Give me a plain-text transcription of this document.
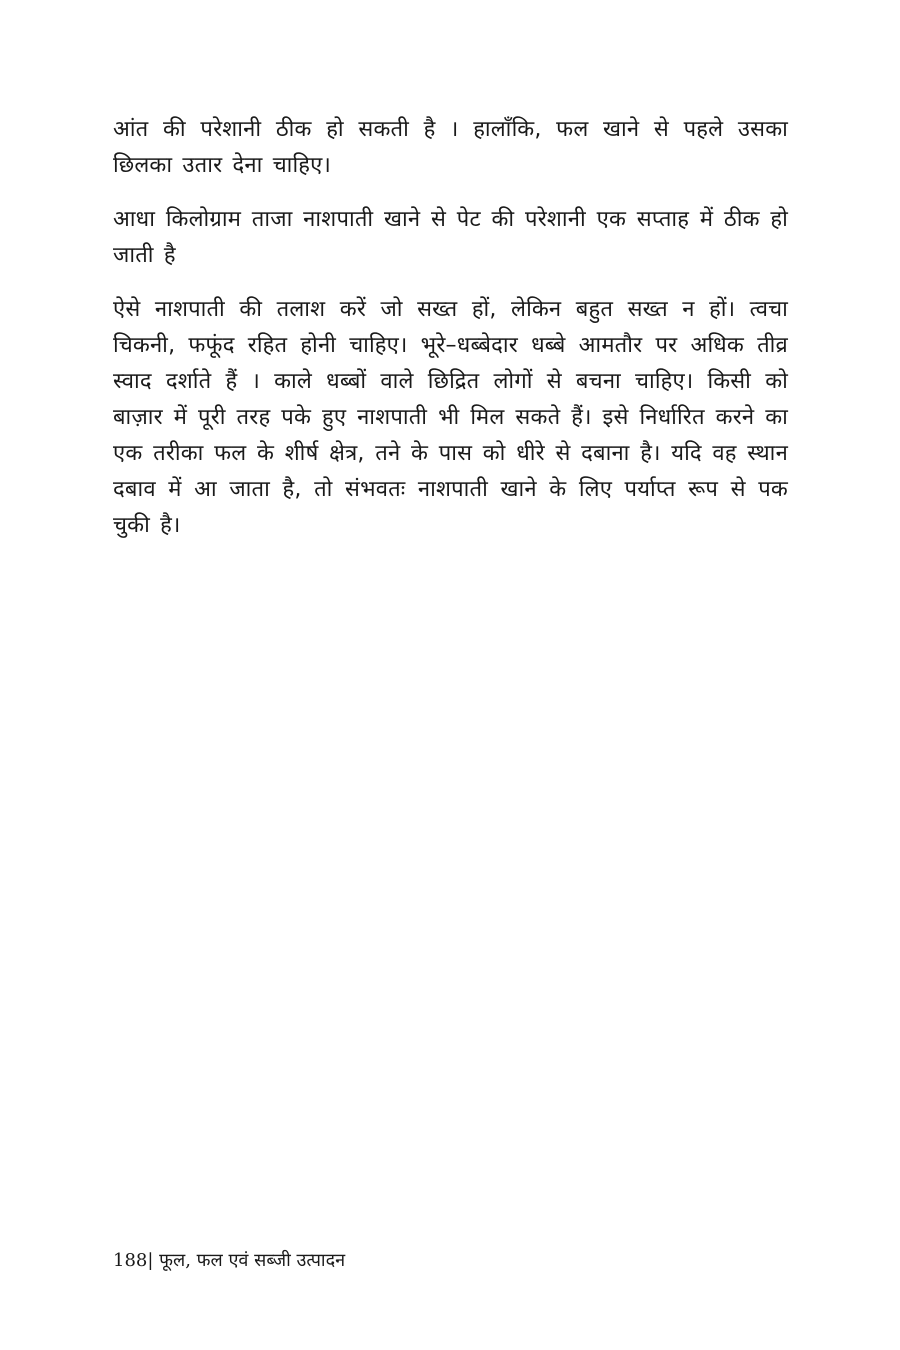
आंत की परेशानी ठीक हो सकती है । हालाँकि, फल खाने से पहले उसका छिलका उतार देना चाहिए।

आधा किलोग्राम ताजा नाशपाती खाने से पेट की परेशानी एक सप्ताह में ठीक हो जाती है

ऐसे नाशपाती की तलाश करें जो सख्त हों, लेकिन बहुत सख्त न हों। त्वचा चिकनी, फफूंद रहित होनी चाहिए। भूरे–धब्बेदार धब्बे आमतौर पर अधिक तीव्र स्वाद दर्शाते हैं । काले धब्बों वाले छिद्रित लोगों से बचना चाहिए। किसी को बाज़ार में पूरी तरह पके हुए नाशपाती भी मिल सकते हैं। इसे निर्धारित करने का एक तरीका फल के शीर्ष क्षेत्र, तने के पास को धीरे से दबाना है। यदि वह स्थान दबाव में आ जाता है, तो संभवतः नाशपाती खाने के लिए पर्याप्त रूप से पक चुकी है।

188| फूल, फल एवं सब्जी उत्पादन
